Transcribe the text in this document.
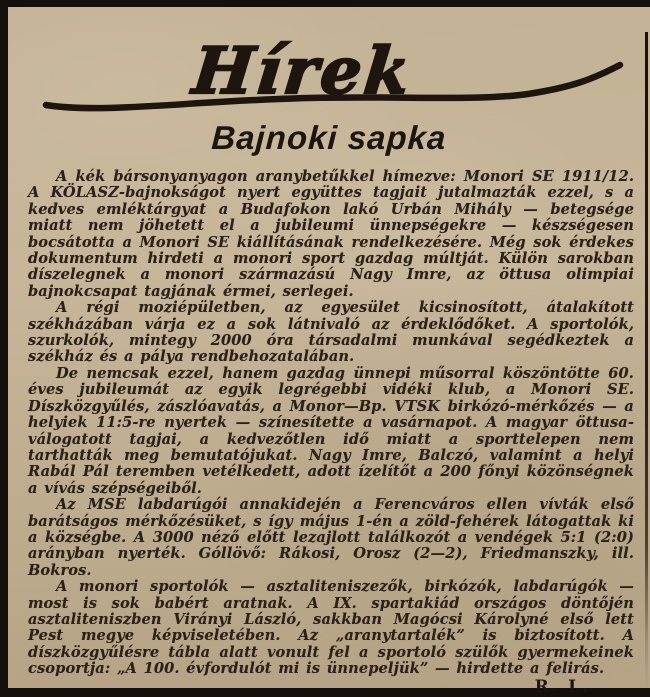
Hírek
Bajnoki sapka

A kék bársonyanyagon aranybetűkkel hímezve: Monori SE 1911/12. A KÖLASZ-bajnokságot nyert együttes tagjait jutalmazták ezzel, s a kedves emléktárgyat a Budafokon lakó Urbán Mihály — betegsége miatt nem jöhetett el a jubileumi ünnepségekre — készségesen bocsátotta a Monori SE kiállításának rendelkezésére. Még sok érdekes dokumentum hirdeti a monori sport gazdag múltját. Külön sarokban díszelegnek a monori származású Nagy Imre, az öttusa olimpiai bajnokcsapat tagjának érmei, serlegei.

A régi moziépületben, az egyesület kicsinosított, átalakított székházában várja ez a sok látnivaló az érdeklődőket. A sportolók, szurkolók, mintegy 2000 óra társadalmi munkával segédkeztek a székház és a pálya rendbehozatalában.

De nemcsak ezzel, hanem gazdag ünnepi műsorral köszöntötte 60. éves jubileumát az egyik legrégebbi vidéki klub, a Monori SE. Díszközgyűlés, zászlóavatás, a Monor—Bp. VTSK birkózó-mérkőzés — a helyiek 11:5-re nyertek — színesítette a vasárnapot. A magyar öttusa-válogatott tagjai, a kedvezőtlen idő miatt a sporttelepen nem tarthatták meg bemutatójukat. Nagy Imre, Balczó, valamint a helyi Rabál Pál teremben vetélkedett, adott ízelítőt a 200 főnyi közönségnek a vívás szépségeiből.

Az MSE labdarúgói annakidején a Ferencváros ellen vívták első barátságos mérkőzésüket, s így május 1-én a zöld-fehérek látogattak ki a községbe. A 3000 néző előtt lezajlott találkozót a vendégek 5:1 (2:0) arányban nyerték. Góllövő: Rákosi, Orosz (2—2), Friedmanszky, ill. Bokros.

A monori sportolók — asztaliteniszezők, birkózók, labdarúgók — most is sok babért aratnak. A IX. spartakiád országos döntőjén asztaliteniszben Virányi László, sakkban Magócsi Károlyné első lett Pest megye képviseletében. Az „aranytartalék” is biztosított. A díszközgyűlésre tábla alatt vonult fel a sportoló szülők gyermekeinek csoportja: „A 100. évfordulót mi is ünnepeljük” — hirdette a felirás.

R. L.
